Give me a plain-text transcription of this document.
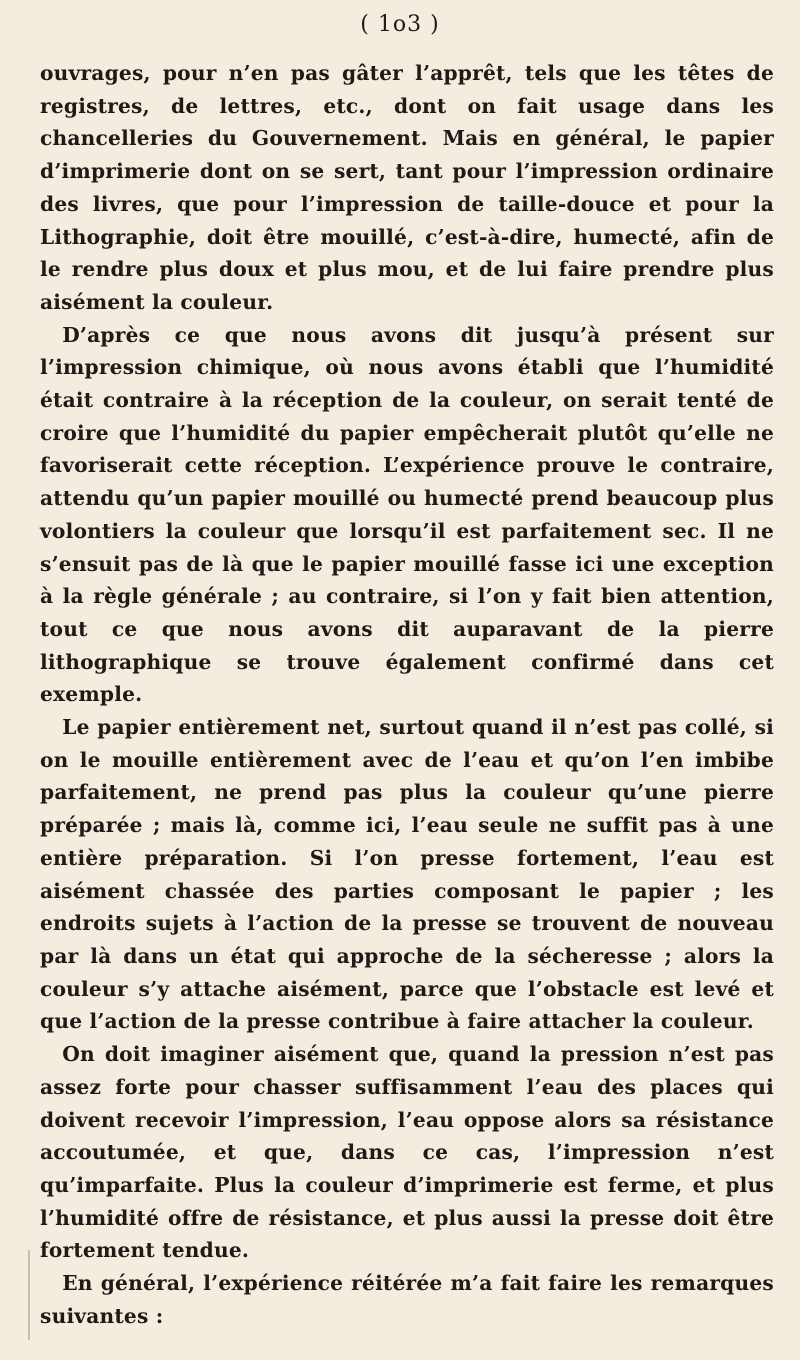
( 1o3 )

ouvrages, pour n’en pas gâter l’apprêt, tels que les têtes de registres, de lettres, etc., dont on fait usage dans les chancelleries du Gouvernement. Mais en général, le papier d’imprimerie dont on se sert, tant pour l’impression ordinaire des livres, que pour l’impression de taille-douce et pour la Lithographie, doit être mouillé, c’est-à-dire, humecté, afin de le rendre plus doux et plus mou, et de lui faire prendre plus aisément la couleur.

D’après ce que nous avons dit jusqu’à présent sur l’impression chimique, où nous avons établi que l’humidité était contraire à la réception de la couleur, on serait tenté de croire que l’humidité du papier empêcherait plutôt qu’elle ne favoriserait cette réception. L’expérience prouve le contraire, attendu qu’un papier mouillé ou humecté prend beaucoup plus volontiers la couleur que lorsqu’il est parfaitement sec. Il ne s’ensuit pas de là que le papier mouillé fasse ici une exception à la règle générale ; au contraire, si l’on y fait bien attention, tout ce que nous avons dit auparavant de la pierre lithographique se trouve également confirmé dans cet exemple.

Le papier entièrement net, surtout quand il n’est pas collé, si on le mouille entièrement avec de l’eau et qu’on l’en imbibe parfaitement, ne prend pas plus la couleur qu’une pierre préparée ; mais là, comme ici, l’eau seule ne suffit pas à une entière préparation. Si l’on presse fortement, l’eau est aisément chassée des parties composant le papier ; les endroits sujets à l’action de la presse se trouvent de nouveau par là dans un état qui approche de la sécheresse ; alors la couleur s’y attache aisément, parce que l’obstacle est levé et que l’action de la presse contribue à faire attacher la couleur.

On doit imaginer aisément que, quand la pression n’est pas assez forte pour chasser suffisamment l’eau des places qui doivent recevoir l’impression, l’eau oppose alors sa résistance accoutumée, et que, dans ce cas, l’impression n’est qu’imparfaite. Plus la couleur d’imprimerie est ferme, et plus l’humidité offre de résistance, et plus aussi la presse doit être fortement tendue.

En général, l’expérience réitérée m’a fait faire les remarques suivantes :
